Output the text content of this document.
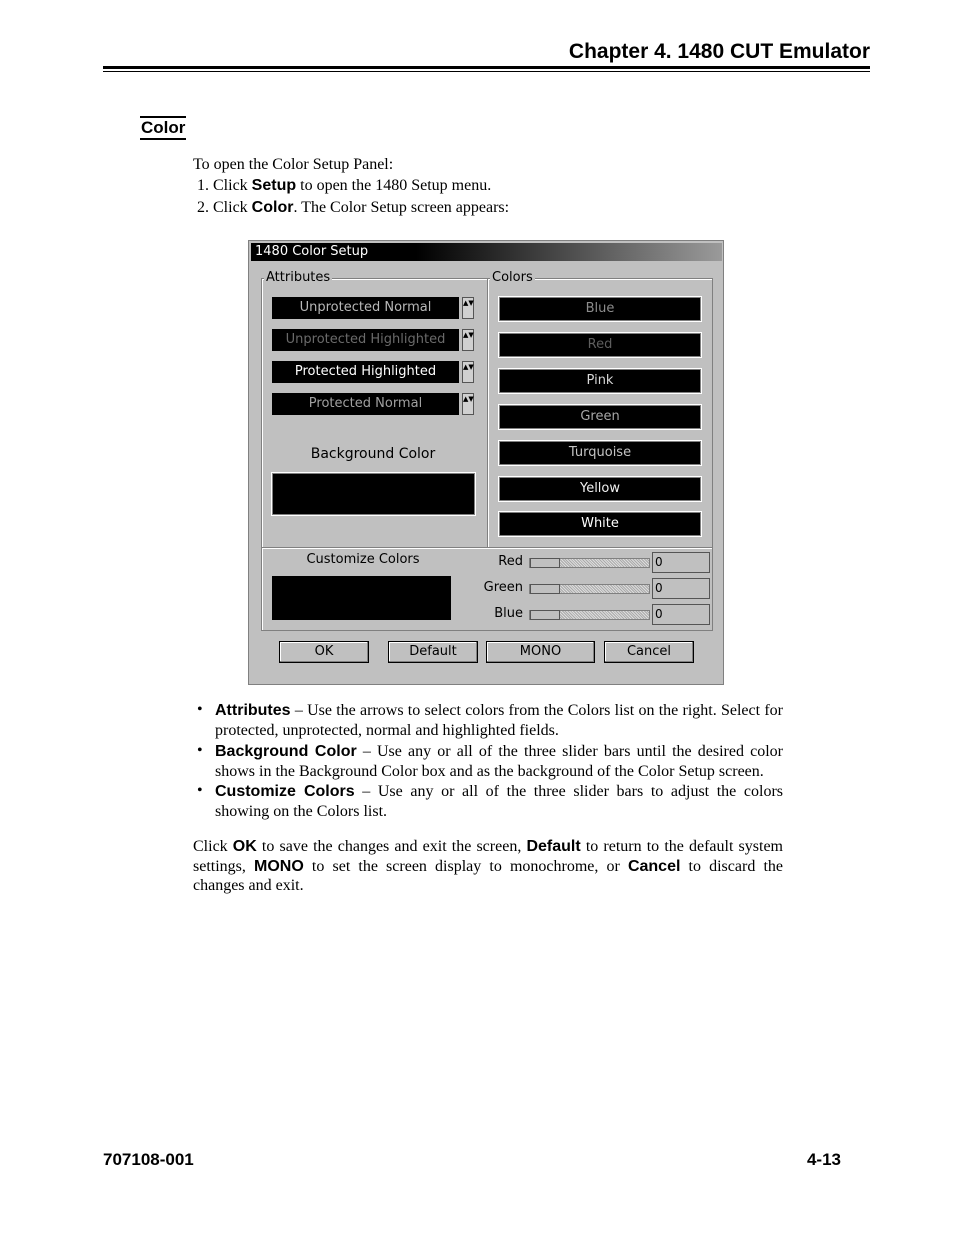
Chapter 4. 1480 CUT Emulator
Color
To open the Color Setup Panel:
1. Click Setup to open the 1480 Setup menu.
2. Click Color. The Color Setup screen appears:
1480 Color Setup
Attributes
Unprotected Normal	▲▼
Unprotected Highlighted	▲▼
Protected Highlighted	▲▼
Protected Normal	▲▼
Background Color
Colors
Blue
Red
Pink
Green
Turquoise
Yellow
White
Customize Colors	Red	0
Green	0
Blue	0
OK	Default	MONO	Cancel
• Attributes – Use the arrows to select colors from the Colors list on the right. Select for protected, unprotected, normal and highlighted fields.
• Background Color – Use any or all of the three slider bars until the desired color shows in the Background Color box and as the background of the Color Setup screen.
• Customize Colors – Use any or all of the three slider bars to adjust the colors showing on the Colors list.
Click OK to save the changes and exit the screen, Default to return to the default system settings, MONO to set the screen display to monochrome, or Cancel to discard the changes and exit.
707108-001	4-13
